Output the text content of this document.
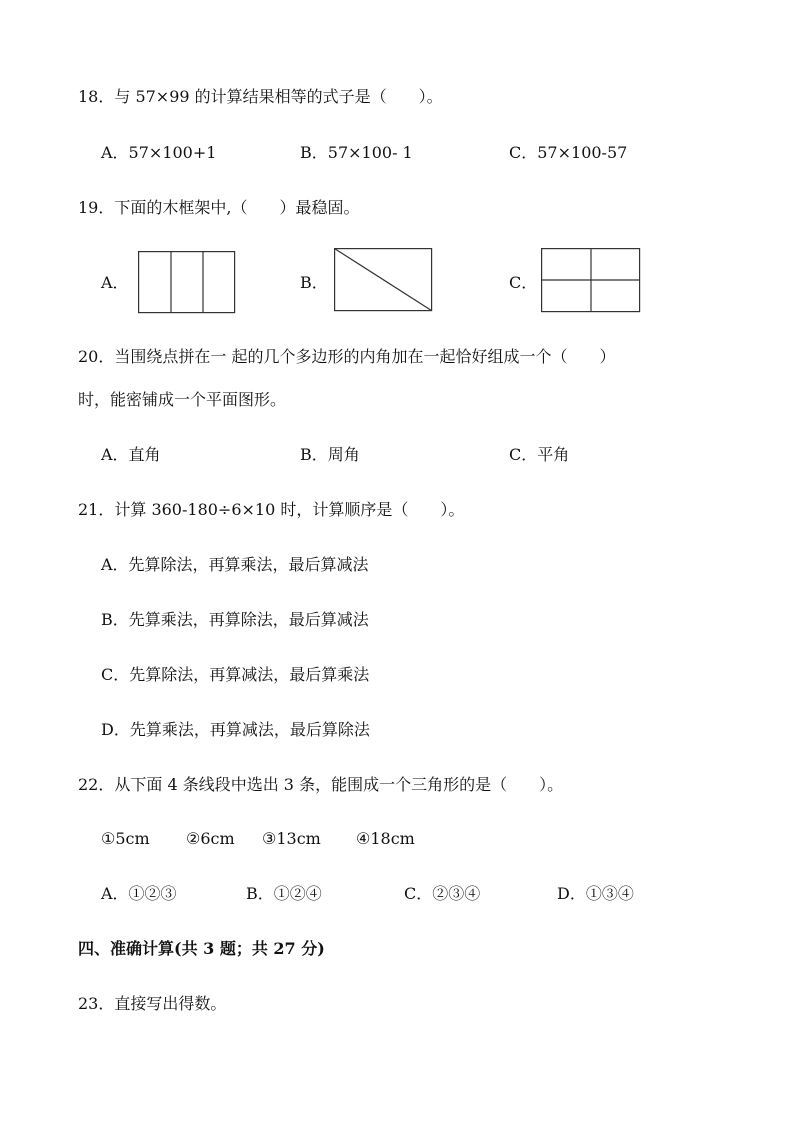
18．与 57×99 的计算结果相等的式子是（　　）。
A．57×100+1	B．57×100- 1	C．57×100-57
19．下面的木框架中,（　　）最稳固。
A．	B．	C．
20．当围绕点拼在一 起的几个多边形的内角加在一起恰好组成一个（　　）
时，能密铺成一个平面图形。
A．直角	B．周角	C．平角
21．计算 360-180÷6×10 时，计算顺序是（　　）。
A．先算除法，再算乘法，最后算减法
B．先算乘法，再算除法，最后算减法
C．先算除法，再算减法，最后算乘法
D．先算乘法，再算减法，最后算除法
22．从下面 4 条线段中选出 3 条，能围成一个三角形的是（　　）。
①5cm ②6cm ③13cm ④18cm
A．①②③	B．①②④	C．②③④	D．①③④
四、准确计算(共 3 题；共 27 分)
23．直接写出得数。
